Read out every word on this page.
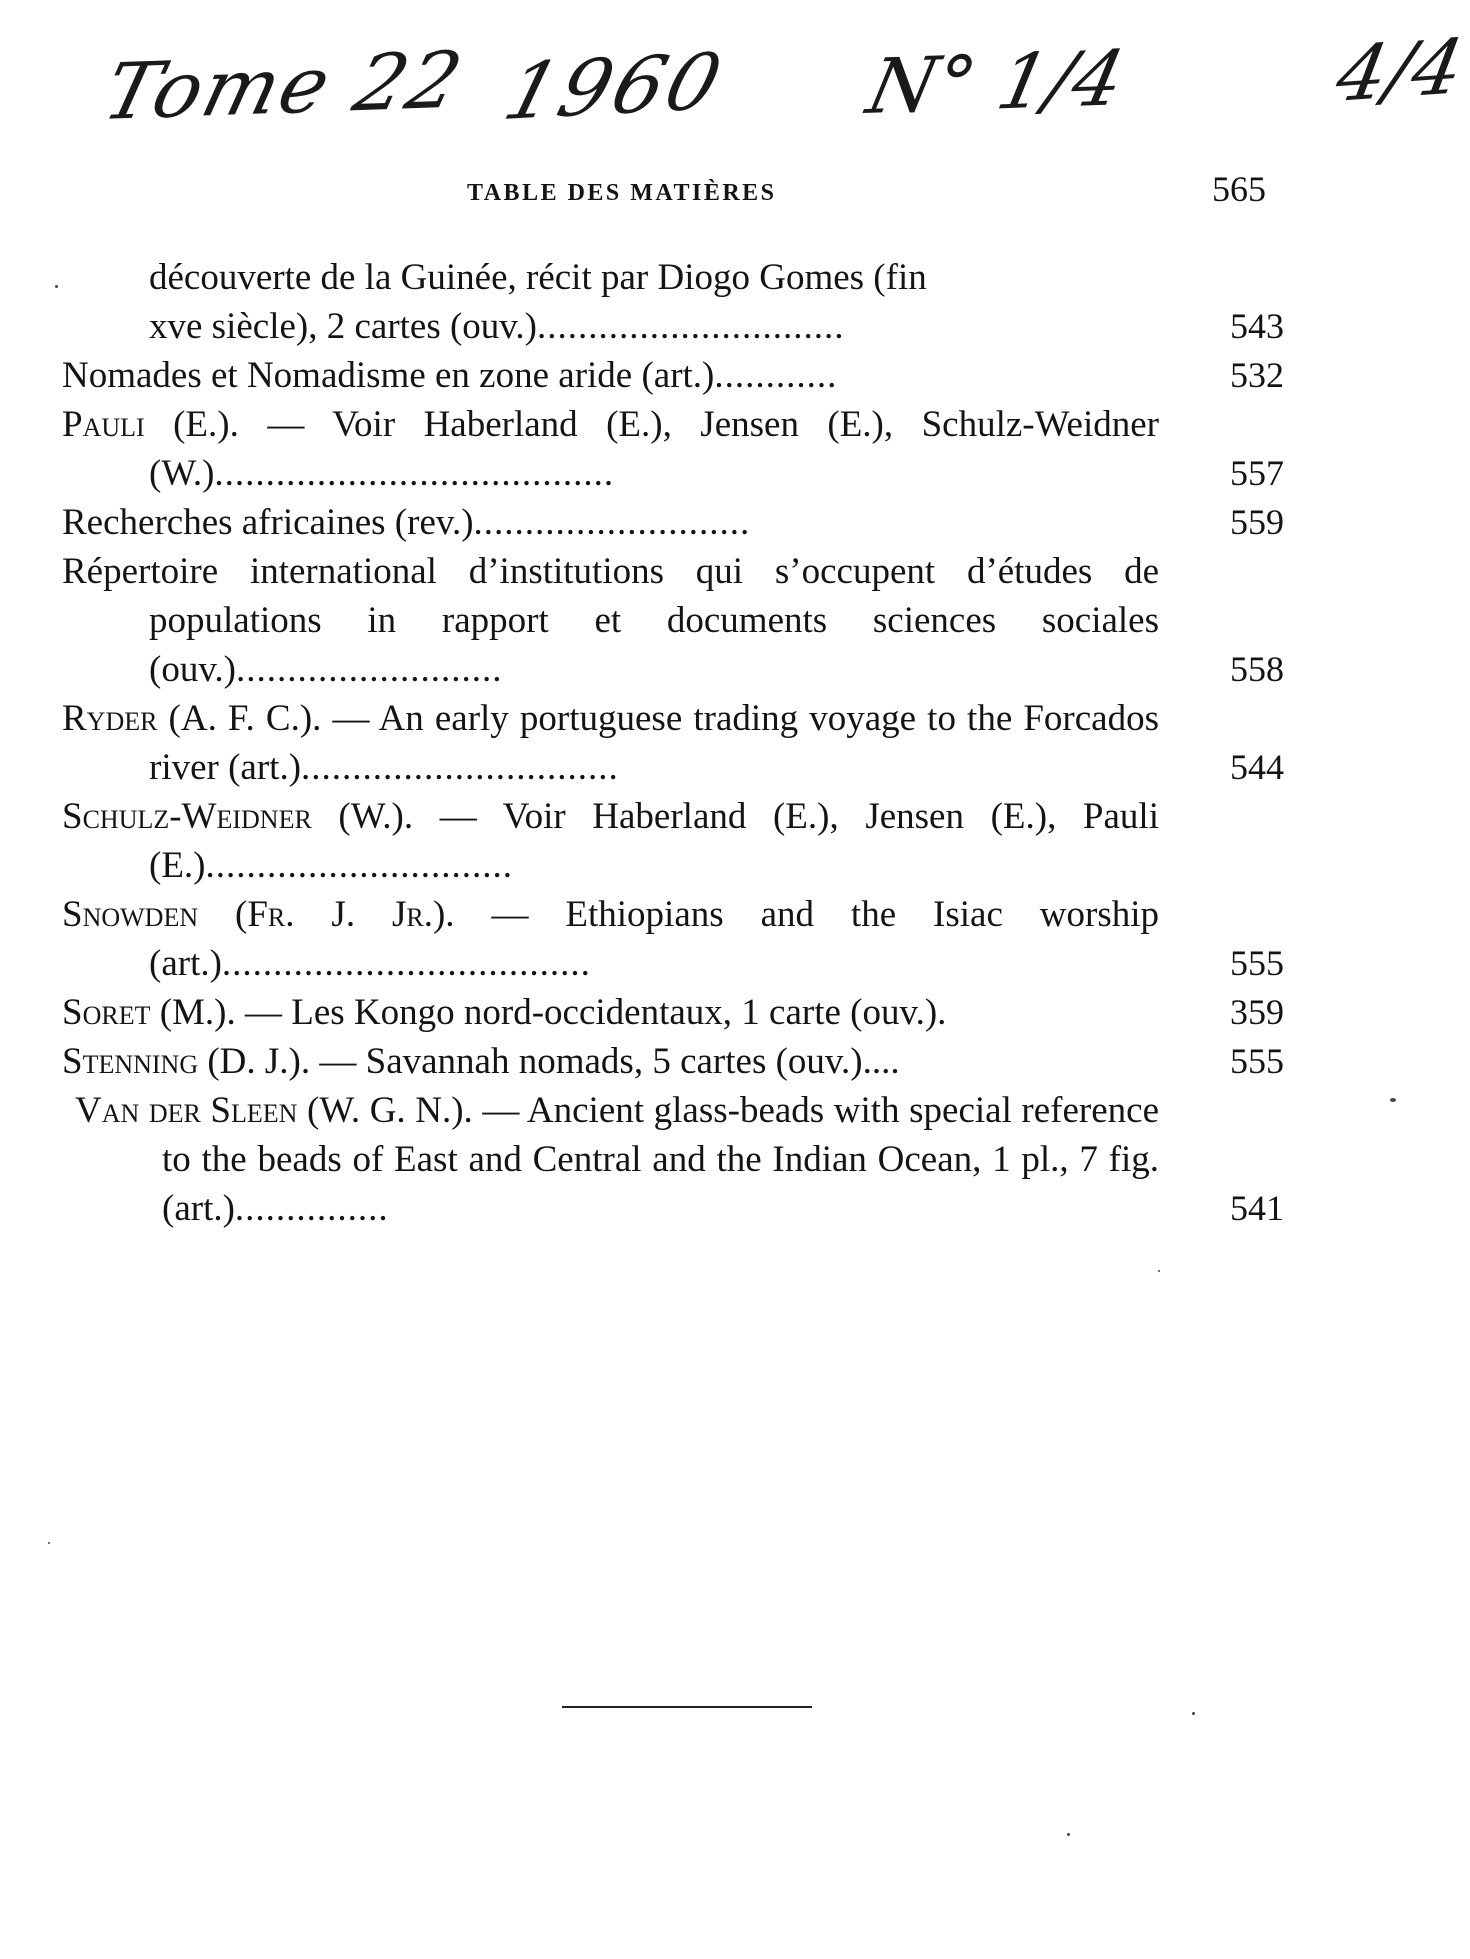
Tome 22 1960 N° 1/4	4/4
TABLE DES MATIÈRES	565
découverte de la Guinée, récit par Diogo Gomes (fin
xve siècle), 2 cartes (ouv.)..............................	543
Nomades et Nomadisme en zone aride (art.)............	532
Pauli (E.). — Voir Haberland (E.), Jensen (E.), Schulz-Weidner (W.).......................................	557
Recherches africaines (rev.)...........................	559
Répertoire international d’institutions qui s’occupent d’études de populations in rapport et documents sciences sociales (ouv.)..........................	558
Ryder (A. F. C.). — An early portuguese trading voyage to the Forcados river (art.)...............................	544
Schulz-Weidner (W.). — Voir Haberland (E.), Jensen (E.), Pauli (E.)..............................
Snowden (Fr. J. Jr.). — Ethiopians and the Isiac worship (art.)....................................	555
Soret (M.). — Les Kongo nord-occidentaux, 1 carte (ouv.).	359
Stenning (D. J.). — Savannah nomads, 5 cartes (ouv.)....	555
Van der Sleen (W. G. N.). — Ancient glass-beads with special reference to the beads of East and Central and the Indian Ocean, 1 pl., 7 fig. (art.)...............	541
